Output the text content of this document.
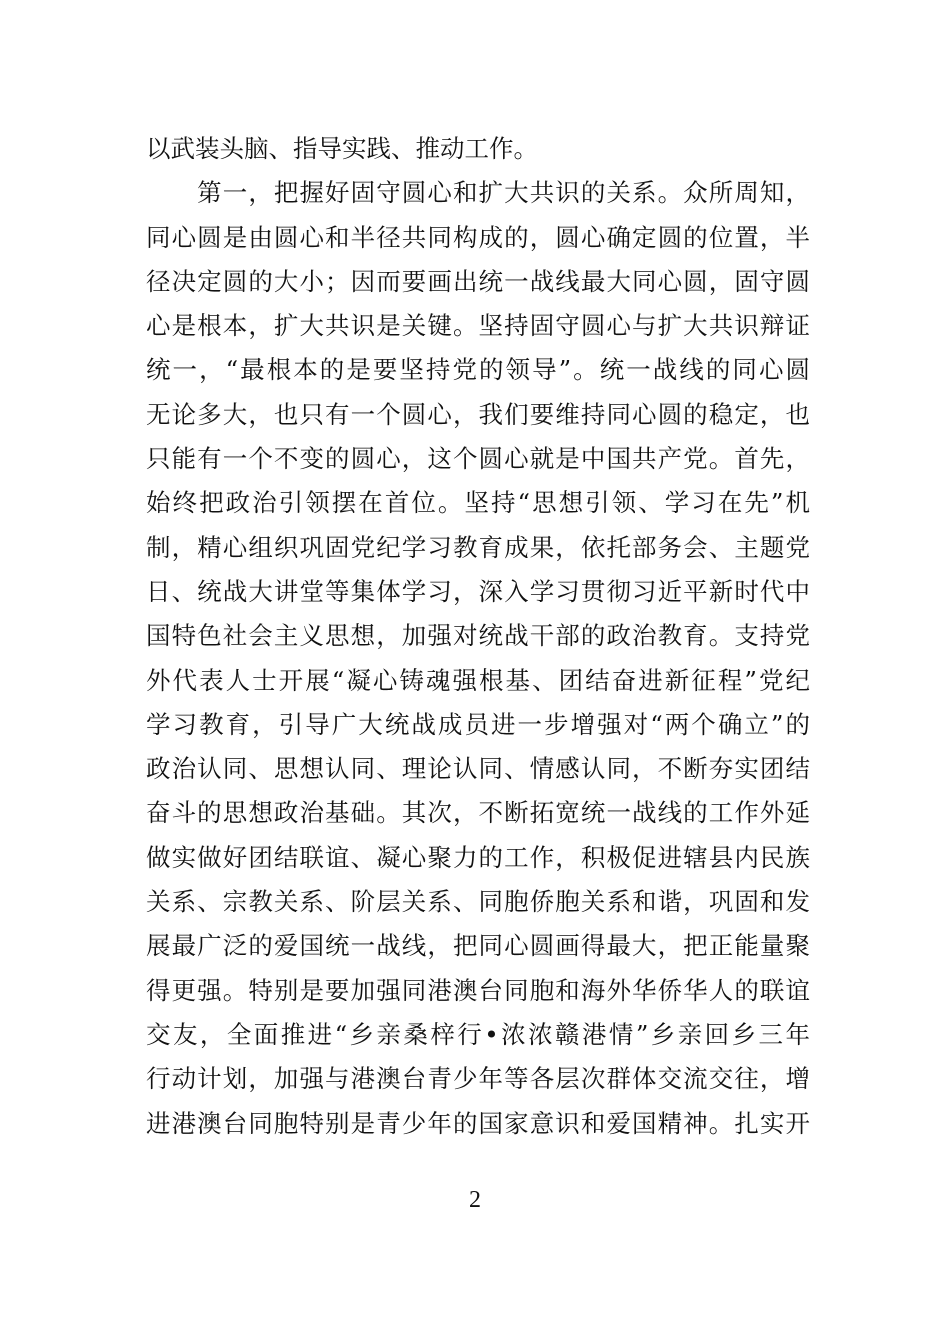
以武装头脑、指导实践、推动工作。
　　第一，把握好固守圆心和扩大共识的关系。众所周知，
同心圆是由圆心和半径共同构成的，圆心确定圆的位置，半
径决定圆的大小；因而要画出统一战线最大同心圆，固守圆
心是根本，扩大共识是关键。坚持固守圆心与扩大共识辩证
统一，“最根本的是要坚持党的领导”。统一战线的同心圆
无论多大，也只有一个圆心，我们要维持同心圆的稳定，也
只能有一个不变的圆心，这个圆心就是中国共产党。首先，
始终把政治引领摆在首位。坚持“思想引领、学习在先”机
制，精心组织巩固党纪学习教育成果，依托部务会、主题党
日、统战大讲堂等集体学习，深入学习贯彻习近平新时代中
国特色社会主义思想，加强对统战干部的政治教育。支持党
外代表人士开展“凝心铸魂强根基、团结奋进新征程”党纪
学习教育，引导广大统战成员进一步增强对“两个确立”的
政治认同、思想认同、理论认同、情感认同，不断夯实团结
奋斗的思想政治基础。其次，不断拓宽统一战线的工作外延
做实做好团结联谊、凝心聚力的工作，积极促进辖县内民族
关系、宗教关系、阶层关系、同胞侨胞关系和谐，巩固和发
展最广泛的爱国统一战线，把同心圆画得最大，把正能量聚
得更强。特别是要加强同港澳台同胞和海外华侨华人的联谊
交友，全面推进“乡亲桑梓行•浓浓赣港情”乡亲回乡三年
行动计划，加强与港澳台青少年等各层次群体交流交往，增
进港澳台同胞特别是青少年的国家意识和爱国精神。扎实开
2
